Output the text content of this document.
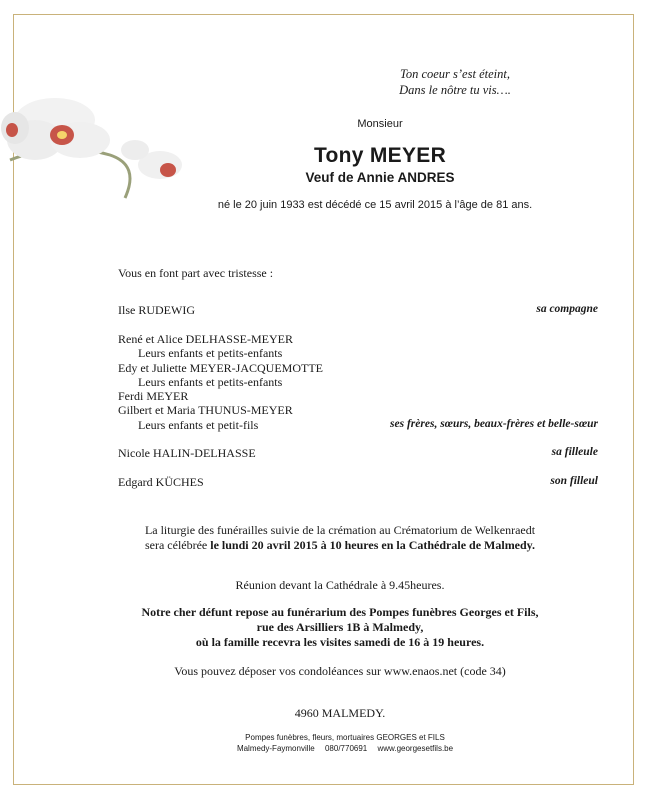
Ton coeur s’est éteint,
Dans le nôtre tu vis….
Monsieur
Tony MEYER
Veuf de Annie ANDRES
né le 20 juin 1933 est décédé ce 15 avril 2015 à l’âge de 81 ans.
Vous en font part avec tristesse :
Ilse RUDEWIG	sa compagne
René et Alice DELHASSE-MEYER
Leurs enfants et petits-enfants
Edy et Juliette MEYER-JACQUEMOTTE
Leurs enfants et petits-enfants
Ferdi MEYER
Gilbert et Maria THUNUS-MEYER
Leurs enfants et petit-fils	ses frères, sœurs, beaux-frères et belle-sœur
Nicole HALIN-DELHASSE	sa filleule
Edgard KÜCHES	son filleul
La liturgie des funérailles suivie de la crémation au Crématorium de Welkenraedt
sera célébrée le lundi 20 avril 2015 à 10 heures en la Cathédrale de Malmedy.
Réunion devant la Cathédrale à 9.45heures.
Notre cher défunt repose au funérarium des Pompes funèbres Georges et Fils,
rue des Arsilliers 1B à Malmedy,
où la famille recevra les visites samedi de 16 à 19 heures.
Vous pouvez déposer vos condoléances sur www.enaos.net (code 34)
4960 MALMEDY.
Pompes funèbres, fleurs, mortuaires GEORGES et FILS
Malmedy-Faymonville 080/770691 www.georgesetfils.be
